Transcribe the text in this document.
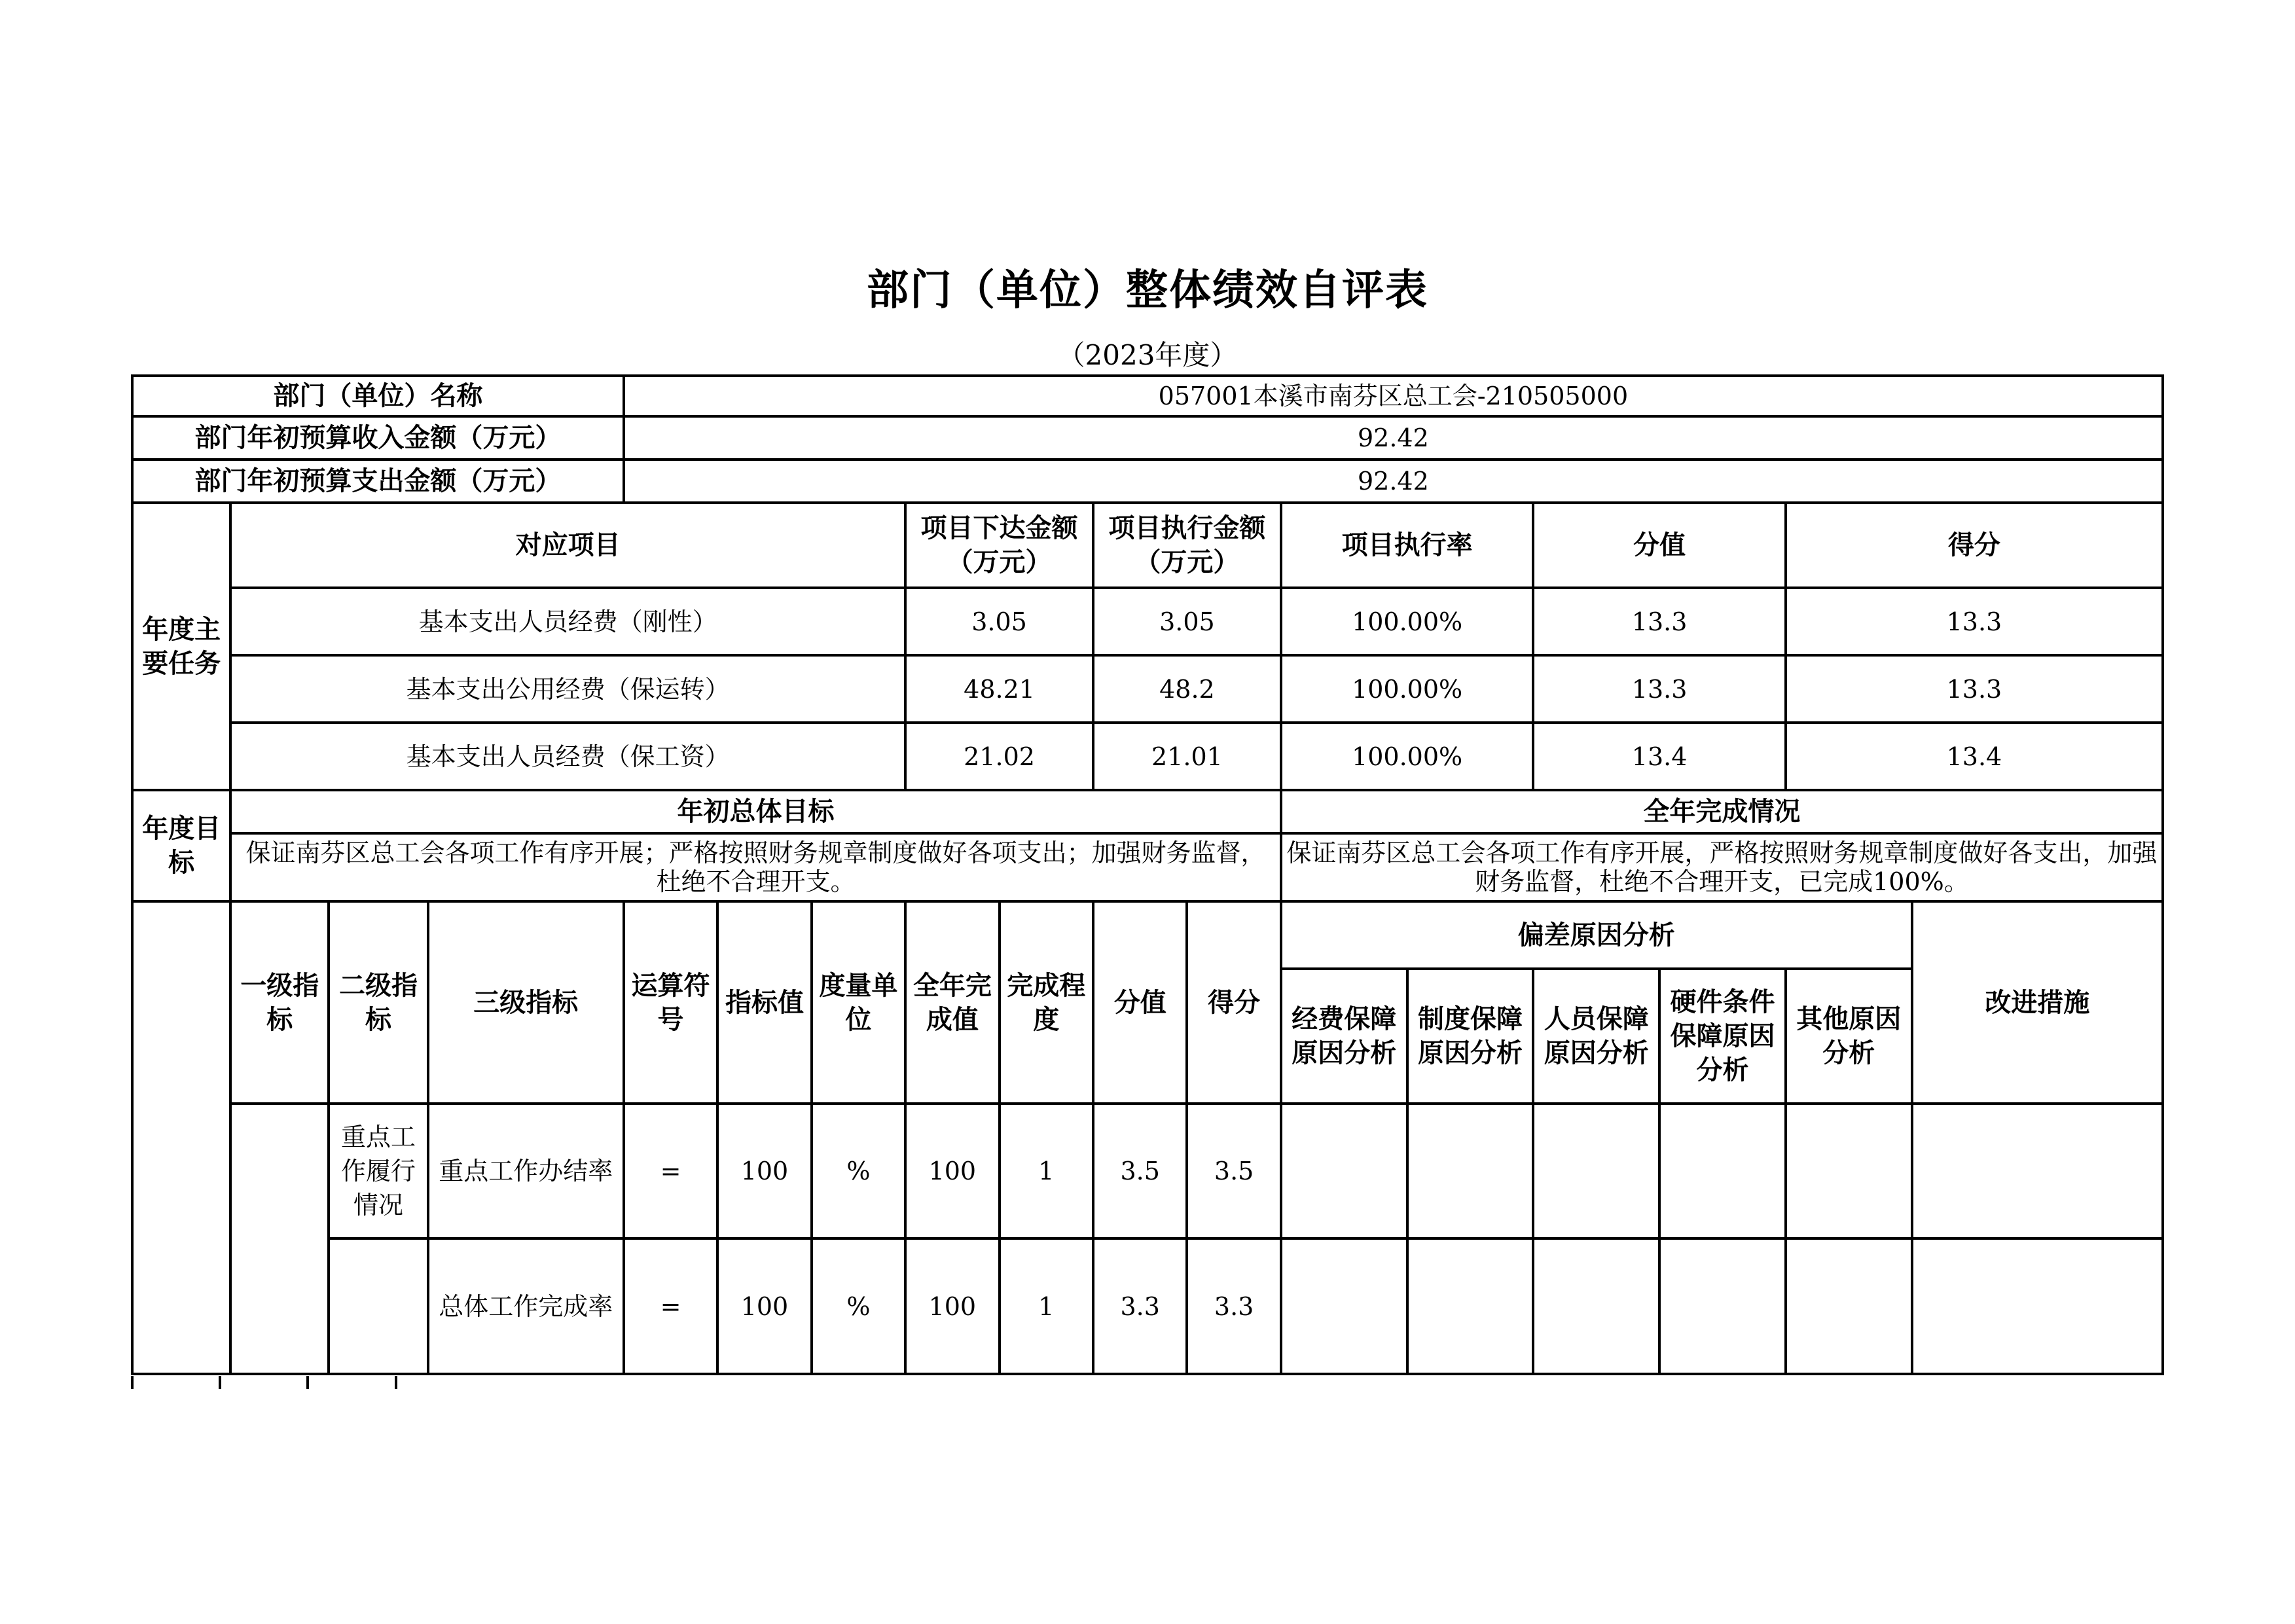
部门（单位）整体绩效自评表
（2023年度）
部门（单位）名称				057001本溪市南芬区总工会-210505000												
部门年初预算收入金额（万元）				92.42												
部门年初预算支出金额（万元）				92.42												
年度主要任务	对应项目						项目下达金额（万元）		项目执行金额（万元）		项目执行率		分值		得分	
	基本支出人员经费（刚性）						3.05		3.05		100.00%		13.3		13.3	
	基本支出公用经费（保运转）						48.21		48.2		100.00%		13.3		13.3	
	基本支出人员经费（保工资）						21.02		21.01		100.00%		13.4		13.4	
年度目标	年初总体目标										全年完成情况					
	保证南芬区总工会各项工作有序开展；严格按照财务规章制度做好各项支出；加强财务监督，杜绝不合理开支。										保证南芬区总工会各项工作有序开展，严格按照财务规章制度做好各支出，加强财务监督，杜绝不合理开支，已完成100%。					
	一级指标	二级指标	三级指标	运算符号	指标值	度量单位	全年完成值	完成程度	分值	得分	偏差原因分析					改进措施
											经费保障原因分析	制度保障原因分析	人员保障原因分析	硬件条件保障原因分析	其他原因分析	
		重点工作履行情况	重点工作办结率	=	100	%	100	1	3.5	3.5						
			总体工作完成率	=	100	%	100	1	3.3	3.3						
